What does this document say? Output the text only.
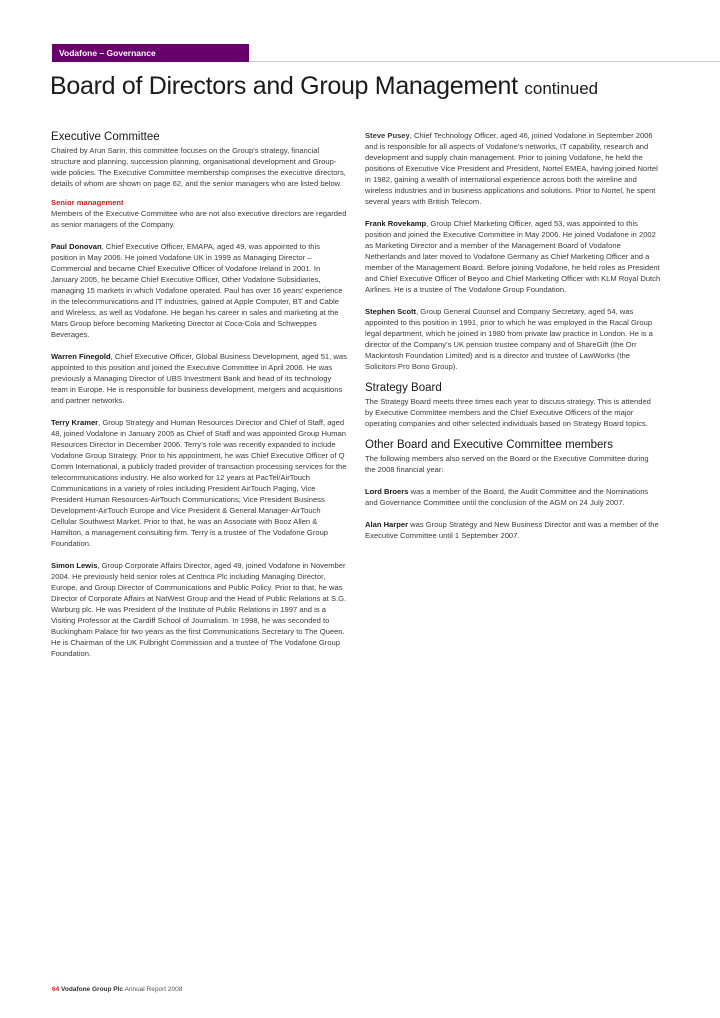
Vodafone – Governance
Board of Directors and Group Management continued
Executive Committee

Chaired by Arun Sarin, this committee focuses on the Group’s strategy, financial structure and planning, succession planning, organisational development and Group-wide policies. The Executive Committee membership comprises the executive directors, details of whom are shown on page 62, and the senior managers who are listed below.

Senior management

Members of the Executive Committee who are not also executive directors are regarded as senior managers of the Company.

Paul Donovan, Chief Executive Officer, EMAPA, aged 49, was appointed to this position in May 2006. He joined Vodafone UK in 1999 as Managing Director – Commercial and became Chief Executive Officer of Vodafone Ireland in 2001. In January 2005, he became Chief Executive Officer, Other Vodafone Subsidiaries, managing 15 markets in which Vodafone operated. Paul has over 16 years’ experience in the telecommunications and IT industries, gained at Apple Computer, BT and Cable and Wireless, as well as Vodafone. He began his career in sales and marketing at the Mars Group before becoming Marketing Director at Coca-Cola and Schweppes Beverages.

Warren Finegold, Chief Executive Officer, Global Business Development, aged 51, was appointed to this position and joined the Executive Committee in April 2006. He was previously a Managing Director of UBS Investment Bank and head of its technology team in Europe. He is responsible for business development, mergers and acquisitions and partner networks.

Terry Kramer, Group Strategy and Human Resources Director and Chief of Staff, aged 48, joined Vodafone in January 2005 as Chief of Staff and was appointed Group Human Resources Director in December 2006. Terry’s role was recently expanded to include Vodafone Group Strategy. Prior to his appointment, he was Chief Executive Officer of Q Comm International, a publicly traded provider of transaction processing services for the telecommunications industry. He also worked for 12 years at PacTel/AirTouch Communications in a variety of roles including President AirTouch Paging, Vice President Human Resources-AirTouch Communications, Vice President Business Development-AirTouch Europe and Vice President & General Manager-AirTouch Cellular Southwest Market. Prior to that, he was an Associate with Booz Allen & Hamilton, a management consulting firm. Terry is a trustee of The Vodafone Group Foundation.

Simon Lewis, Group Corporate Affairs Director, aged 49, joined Vodafone in November 2004. He previously held senior roles at Centrica Plc including Managing Director, Europe, and Group Director of Communications and Public Policy. Prior to that, he was Director of Corporate Affairs at NatWest Group and the Head of Public Relations at S.G. Warburg plc. He was President of the Institute of Public Relations in 1997 and is a Visiting Professor at the Cardiff School of Journalism. In 1998, he was seconded to Buckingham Palace for two years as the first Communications Secretary to The Queen. He is Chairman of the UK Fulbright Commission and a trustee of The Vodafone Group Foundation.

Steve Pusey, Chief Technology Officer, aged 46, joined Vodafone in September 2006 and is responsible for all aspects of Vodafone’s networks, IT capability, research and development and supply chain management. Prior to joining Vodafone, he held the positions of Executive Vice President and President, Nortel EMEA, having joined Nortel in 1982, gaining a wealth of international experience across both the wireline and wireless industries and in business applications and solutions. Prior to Nortel, he spent several years with British Telecom.

Frank Rovekamp, Group Chief Marketing Officer, aged 53, was appointed to this position and joined the Executive Committee in May 2006. He joined Vodafone in 2002 as Marketing Director and a member of the Management Board of Vodafone Netherlands and later moved to Vodafone Germany as Chief Marketing Officer and a member of the Management Board. Before joining Vodafone, he held roles as President and Chief Executive Officer of Beyoo and Chief Marketing Officer with KLM Royal Dutch Airlines. He is a trustee of The Vodafone Group Foundation.

Stephen Scott, Group General Counsel and Company Secretary, aged 54, was appointed to this position in 1991, prior to which he was employed in the Racal Group legal department, which he joined in 1980 from private law practice in London. He is a director of the Company’s UK pension trustee company and of ShareGift (the Orr Mackintosh Foundation Limited) and is a director and trustee of LawWorks (the Solicitors Pro Bono Group).

Strategy Board

The Strategy Board meets three times each year to discuss strategy. This is attended by Executive Committee members and the Chief Executive Officers of the major operating companies and other selected individuals based on Strategy Board topics.

Other Board and Executive Committee members

The following members also served on the Board or the Executive Committee during the 2008 financial year:

Lord Broers was a member of the Board, the Audit Committee and the Nominations and Governance Committee until the conclusion of the AGM on 24 July 2007.

Alan Harper was Group Strategy and New Business Director and was a member of the Executive Committee until 1 September 2007.

64 Vodafone Group Plc Annual Report 2008
